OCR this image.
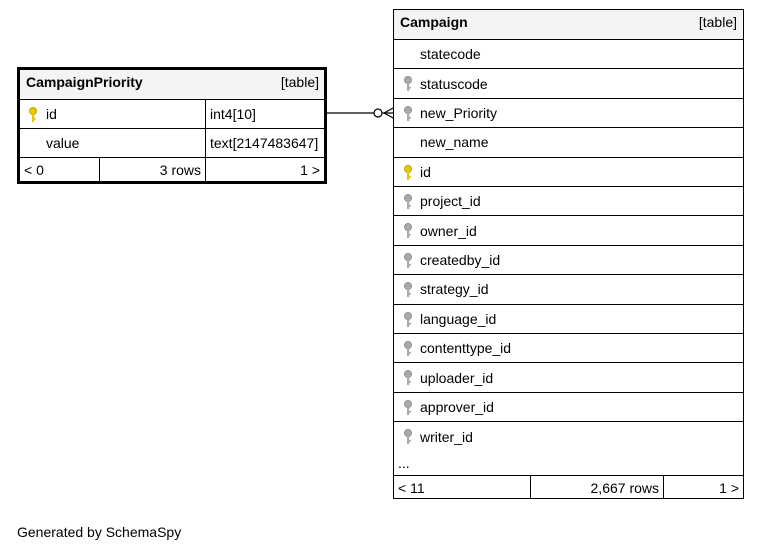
CampaignPriority	[table]
id	int4[10]
value	text[2147483647]
< 0	3 rows	1 >
Campaign	[table]
statecode
statuscode
new_Priority
new_name
id
project_id
owner_id
createdby_id
strategy_id
language_id
contenttype_id
uploader_id
approver_id
writer_id
...
< 11	2,667 rows	1 >
Generated by SchemaSpy
